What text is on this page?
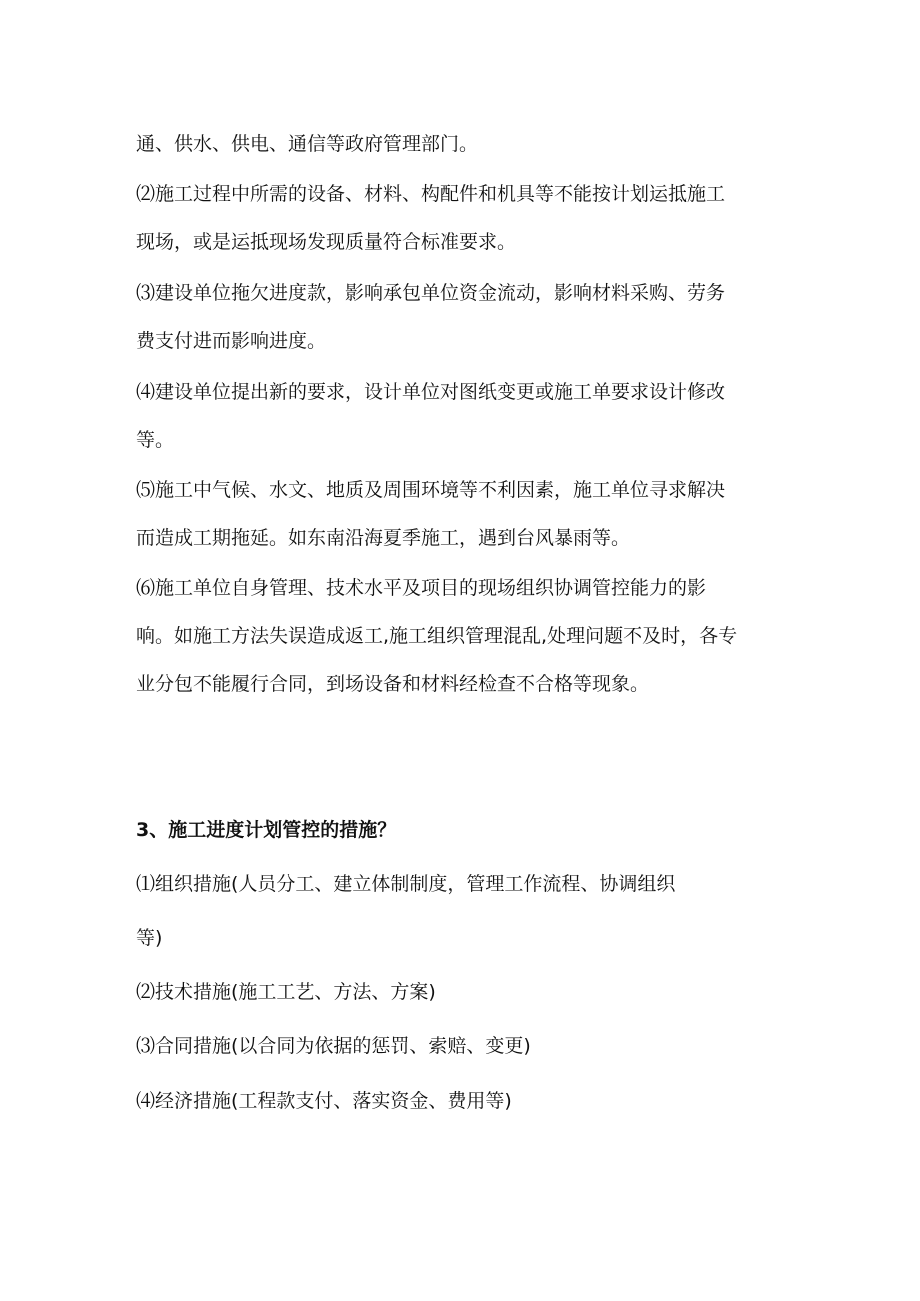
通、供水、供电、通信等政府管理部门。

⑵施工过程中所需的设备、材料、构配件和机具等不能按计划运抵施工
现场，或是运抵现场发现质量符合标准要求。

⑶建设单位拖欠进度款，影响承包单位资金流动，影响材料采购、劳务
费支付进而影响进度。

⑷建设单位提出新的要求，设计单位对图纸变更或施工单要求设计修改
等。

⑸施工中气候、水文、地质及周围环境等不利因素，施工单位寻求解决
而造成工期拖延。如东南沿海夏季施工，遇到台风暴雨等。

⑹施工单位自身管理、技术水平及项目的现场组织协调管控能力的影
响。如施工方法失误造成返工,施工组织管理混乱,处理问题不及时，各专
业分包不能履行合同，到场设备和材料经检查不合格等现象。

3、施工进度计划管控的措施？

⑴组织措施(人员分工、建立体制制度，管理工作流程、协调组织
等)

⑵技术措施(施工工艺、方法、方案)

⑶合同措施(以合同为依据的惩罚、索赔、变更)

⑷经济措施(工程款支付、落实资金、费用等)
